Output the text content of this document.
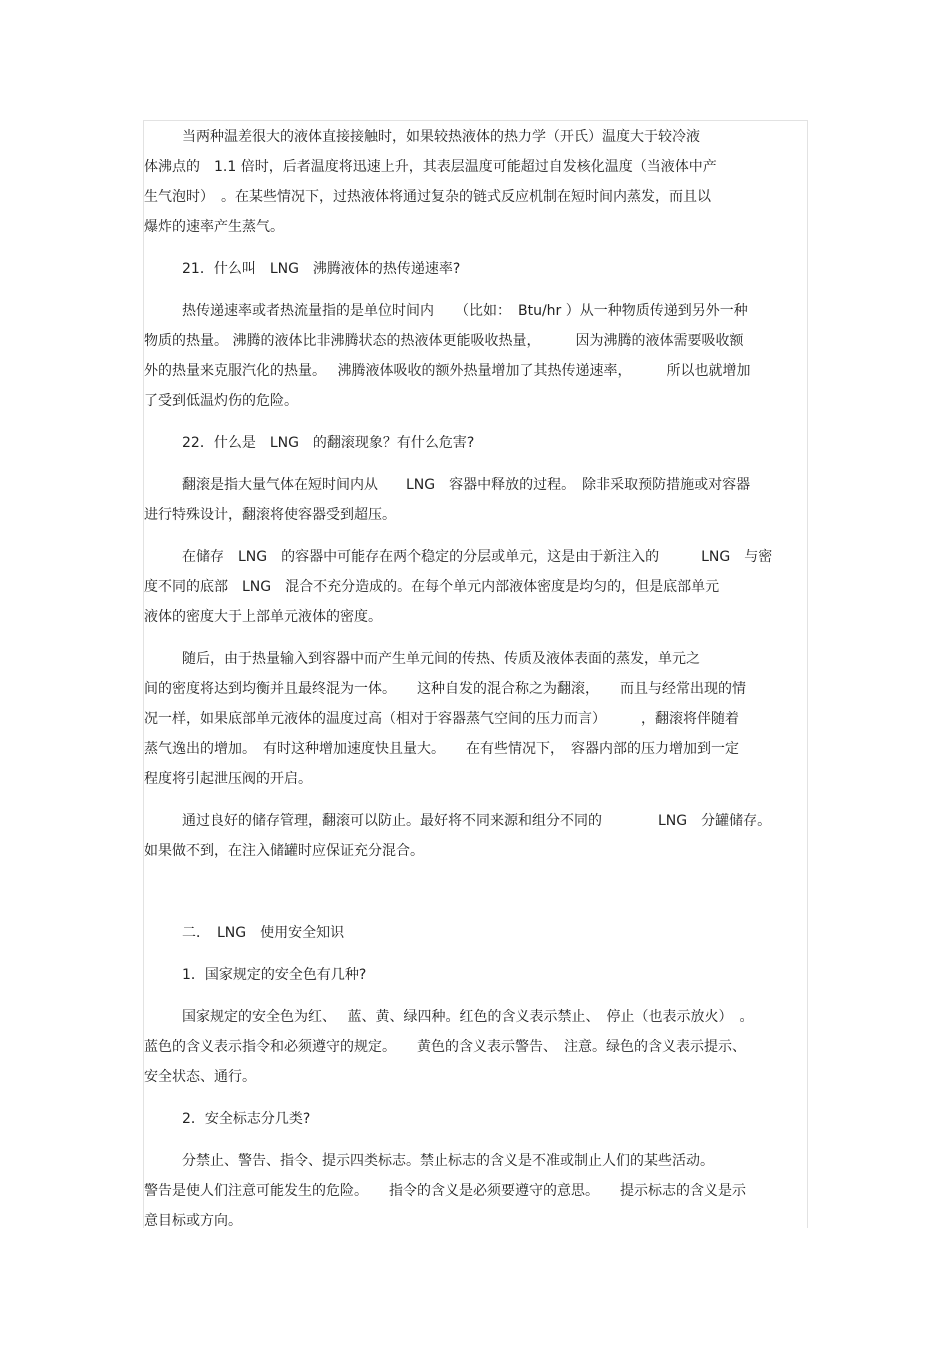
当两种温差很大的液体直接接触时，如果较热液体的热力学（开氏）温度大于较冷液
体沸点的　1.1 倍时，后者温度将迅速上升，其表层温度可能超过自发核化温度（当液体中产
生气泡时）　。在某些情况下，过热液体将通过复杂的链式反应机制在短时间内蒸发，而且以
爆炸的速率产生蒸气。
21．什么叫　LNG　沸腾液体的热传递速率?
热传递速率或者热流量指的是单位时间内　　（比如：　Btu/hr ）从一种物质传递到另外一种
物质的热量。 沸腾的液体比非沸腾状态的热液体更能吸收热量，　　　因为沸腾的液体需要吸收额
外的热量来克服汽化的热量。　 沸腾液体吸收的额外热量增加了其热传递速率，　　　所以也就增加
了受到低温灼伤的危险。
22．什么是　LNG　的翻滚现象？有什么危害?
翻滚是指大量气体在短时间内从　　LNG　容器中释放的过程。　除非采取预防措施或对容器
进行特殊设计，翻滚将使容器受到超压。
在储存　LNG　的容器中可能存在两个稳定的分层或单元，这是由于新注入的　　　LNG　与密
度不同的底部　LNG　混合不充分造成的。在每个单元内部液体密度是均匀的，但是底部单元
液体的密度大于上部单元液体的密度。
随后，由于热量输入到容器中而产生单元间的传热、传质及液体表面的蒸发，单元之
间的密度将达到均衡并且最终混为一体。　　这种自发的混合称之为翻滚，　　而且与经常出现的情
况一样，如果底部单元液体的温度过高（相对于容器蒸气空间的压力而言）　　　，翻滚将伴随着
蒸气逸出的增加。　有时这种增加速度快且量大。　　在有些情况下，　容器内部的压力增加到一定
程度将引起泄压阀的开启。
通过良好的储存管理，翻滚可以防止。最好将不同来源和组分不同的　　　　LNG　分罐储存。
如果做不到，在注入储罐时应保证充分混合。
二．　LNG　使用安全知识
1．国家规定的安全色有几种?
国家规定的安全色为红、　 蓝、黄、绿四种。红色的含义表示禁止、　停止（也表示放火）　。
蓝色的含义表示指令和必须遵守的规定。　　黄色的含义表示警告、　注意。绿色的含义表示提示、
安全状态、通行。
2．安全标志分几类?
分禁止、警告、指令、提示四类标志。禁止标志的含义是不准或制止人们的某些活动。
警告是使人们注意可能发生的危险。　　指令的含义是必须要遵守的意思。　　提示标志的含义是示
意目标或方向。
